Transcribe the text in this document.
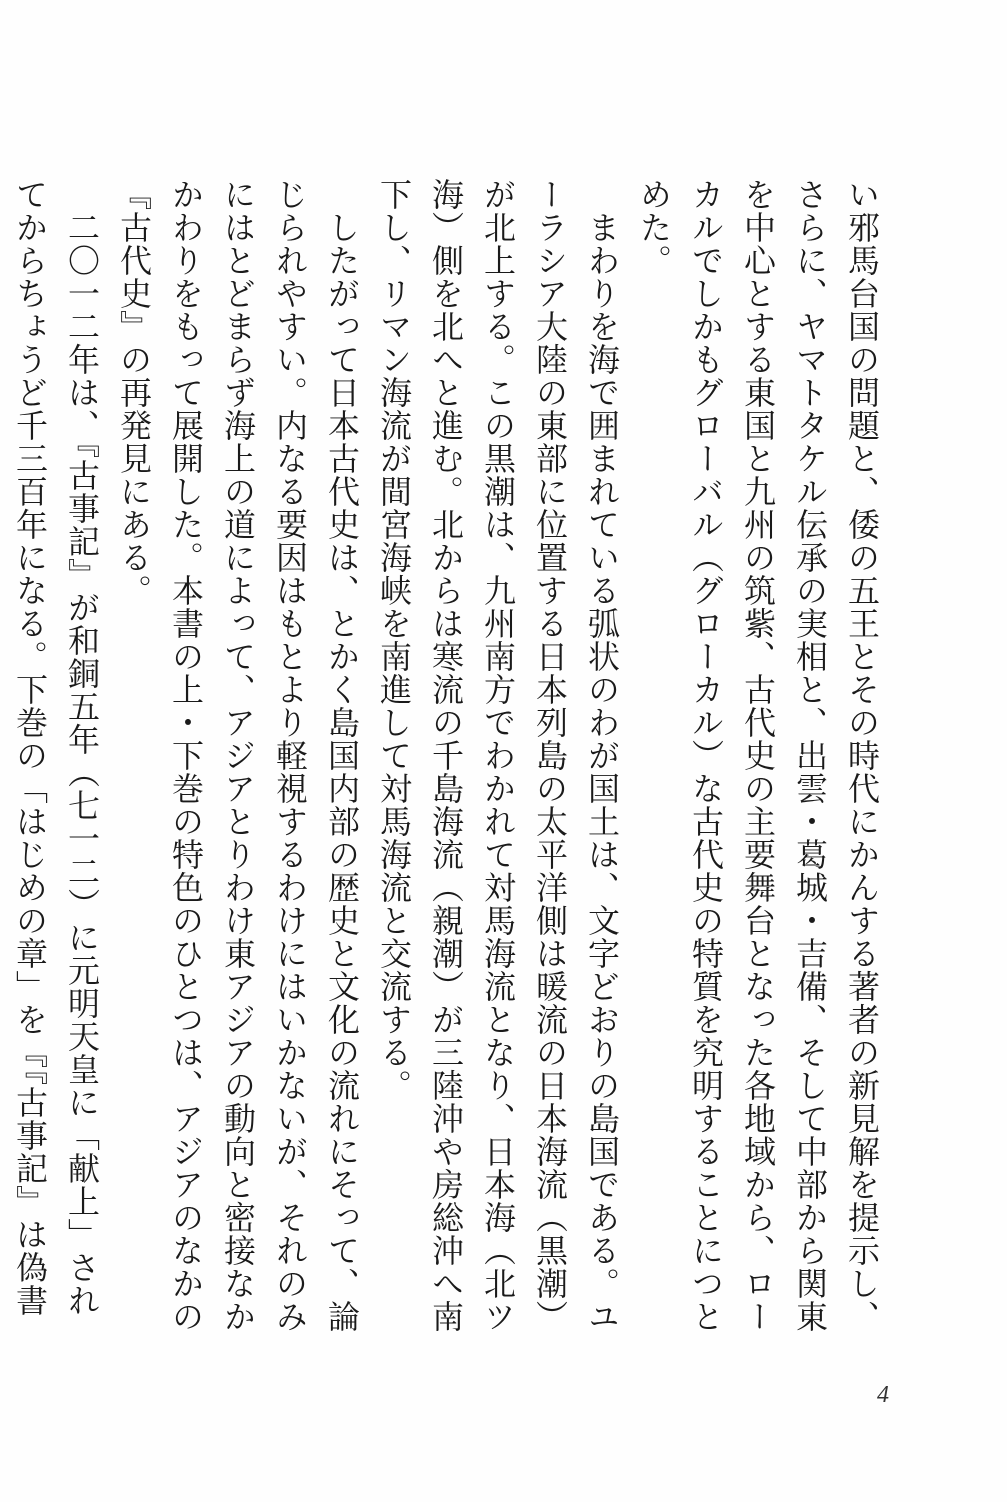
い邪馬台国の問題と、倭の五王とその時代にかんする著者の新見解を提示し、さらに、ヤマトタケル伝承の実相と、出雲・葛城・吉備、そして中部から関東を中心とする東国と九州の筑紫、古代史の主要舞台となった各地域から、ローカルでしかもグローバル（グローカル）な古代史の特質を究明することにつとめた。

　まわりを海で囲まれている弧状のわが国土は、文字どおりの島国である。ユーラシア大陸の東部に位置する日本列島の太平洋側は暖流の日本海流（黒潮）が北上する。この黒潮は、九州南方でわかれて対馬海流となり、日本海（北ツ海）側を北へと進む。北からは寒流の千島海流（親潮）が三陸沖や房総沖へ南下し、リマン海流が間宮海峡を南進して対馬海流と交流する。

　したがって日本古代史は、とかく島国内部の歴史と文化の流れにそって、論じられやすい。内なる要因はもとより軽視するわけにはいかないが、それのみにはとどまらず海上の道によって、アジアとりわけ東アジアの動向と密接なかかわりをもって展開した。本書の上・下巻の特色のひとつは、アジアのなかの『古代史』の再発見にある。

　二〇一二年は、『古事記』が和銅五年（七一二）に元明天皇に「献上」されてからちょうど千三百年になる。下巻の「はじめの章」を『『古事記』は偽書

4
